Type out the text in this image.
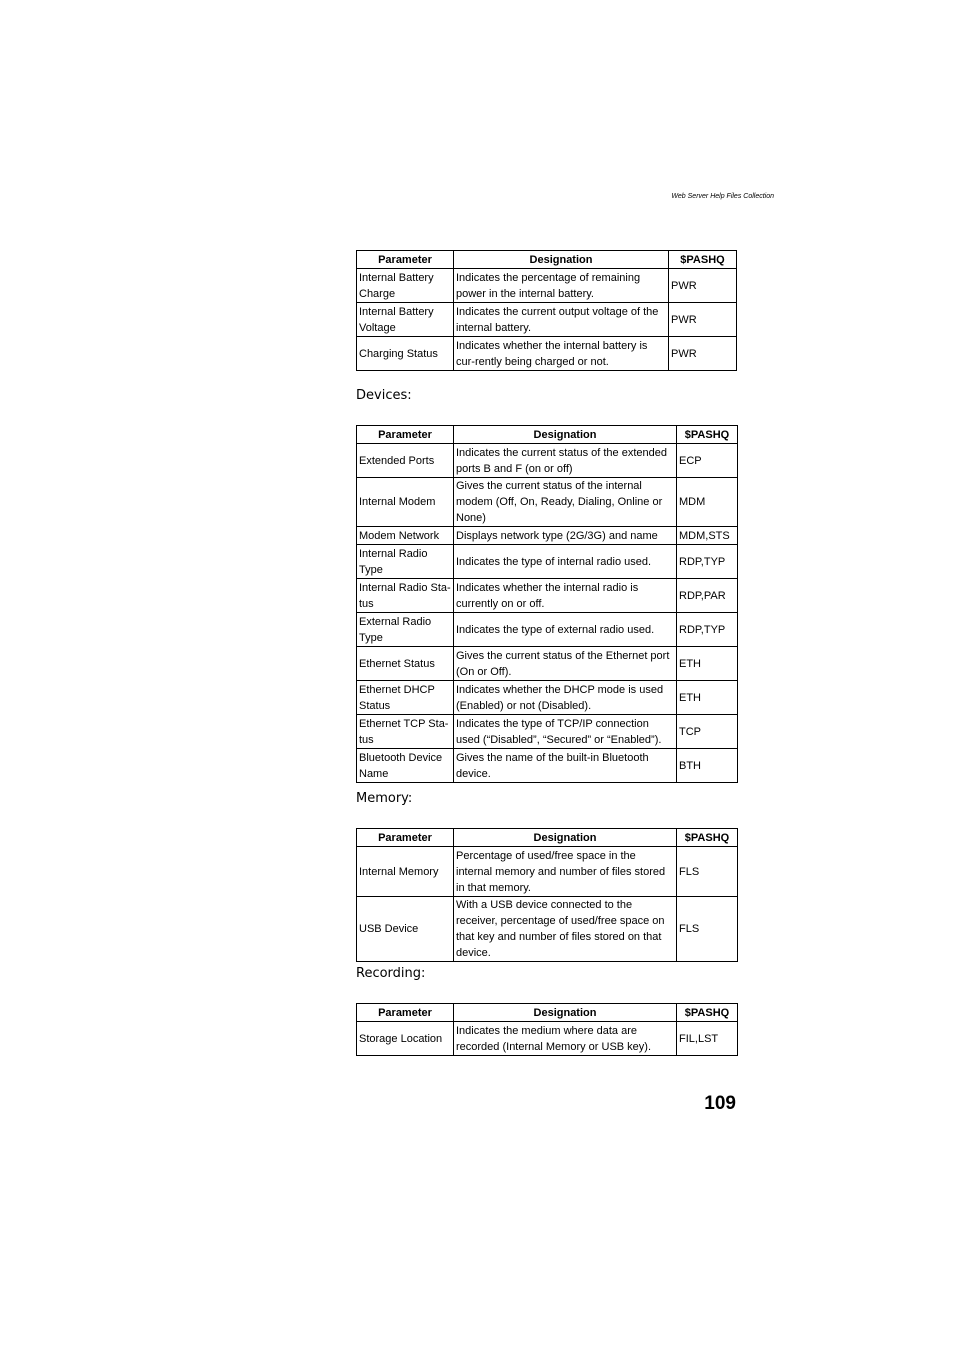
Web Server Help Files Collection
Parameter	Designation	$PASHQ
Internal Battery Charge	Indicates the percentage of remaining power in the internal battery.	PWR
Internal Battery Voltage	Indicates the current output voltage of the internal battery.	PWR
Charging Status	Indicates whether the internal battery is cur-rently being charged or not.	PWR
Devices:
Parameter	Designation	$PASHQ
Extended Ports	Indicates the current status of the extended ports B and F (on or off)	ECP
Internal Modem	Gives the current status of the internal modem (Off, On, Ready, Dialing, Online or None)	MDM
Modem Network	Displays network type (2G/3G) and name	MDM,STS
Internal Radio Type	Indicates the type of internal radio used.	RDP,TYP
Internal Radio Sta-tus	Indicates whether the internal radio is currently on or off.	RDP,PAR
External Radio Type	Indicates the type of external radio used.	RDP,TYP
Ethernet Status	Gives the current status of the Ethernet port (On or Off).	ETH
Ethernet DHCP Status	Indicates whether the DHCP mode is used (Enabled) or not (Disabled).	ETH
Ethernet TCP Sta-tus	Indicates the type of TCP/IP connection used (“Disabled”, “Secured” or “Enabled”).	TCP
Bluetooth Device Name	Gives the name of the built-in Bluetooth device.	BTH
Memory:
Parameter	Designation	$PASHQ
Internal Memory	Percentage of used/free space in the internal memory and number of files stored in that memory.	FLS
USB Device	With a USB device connected to the receiver, percentage of used/free space on that key and number of files stored on that device.	FLS
Recording:
Parameter	Designation	$PASHQ
Storage Location	Indicates the medium where data are recorded (Internal Memory or USB key).	FIL,LST
109
